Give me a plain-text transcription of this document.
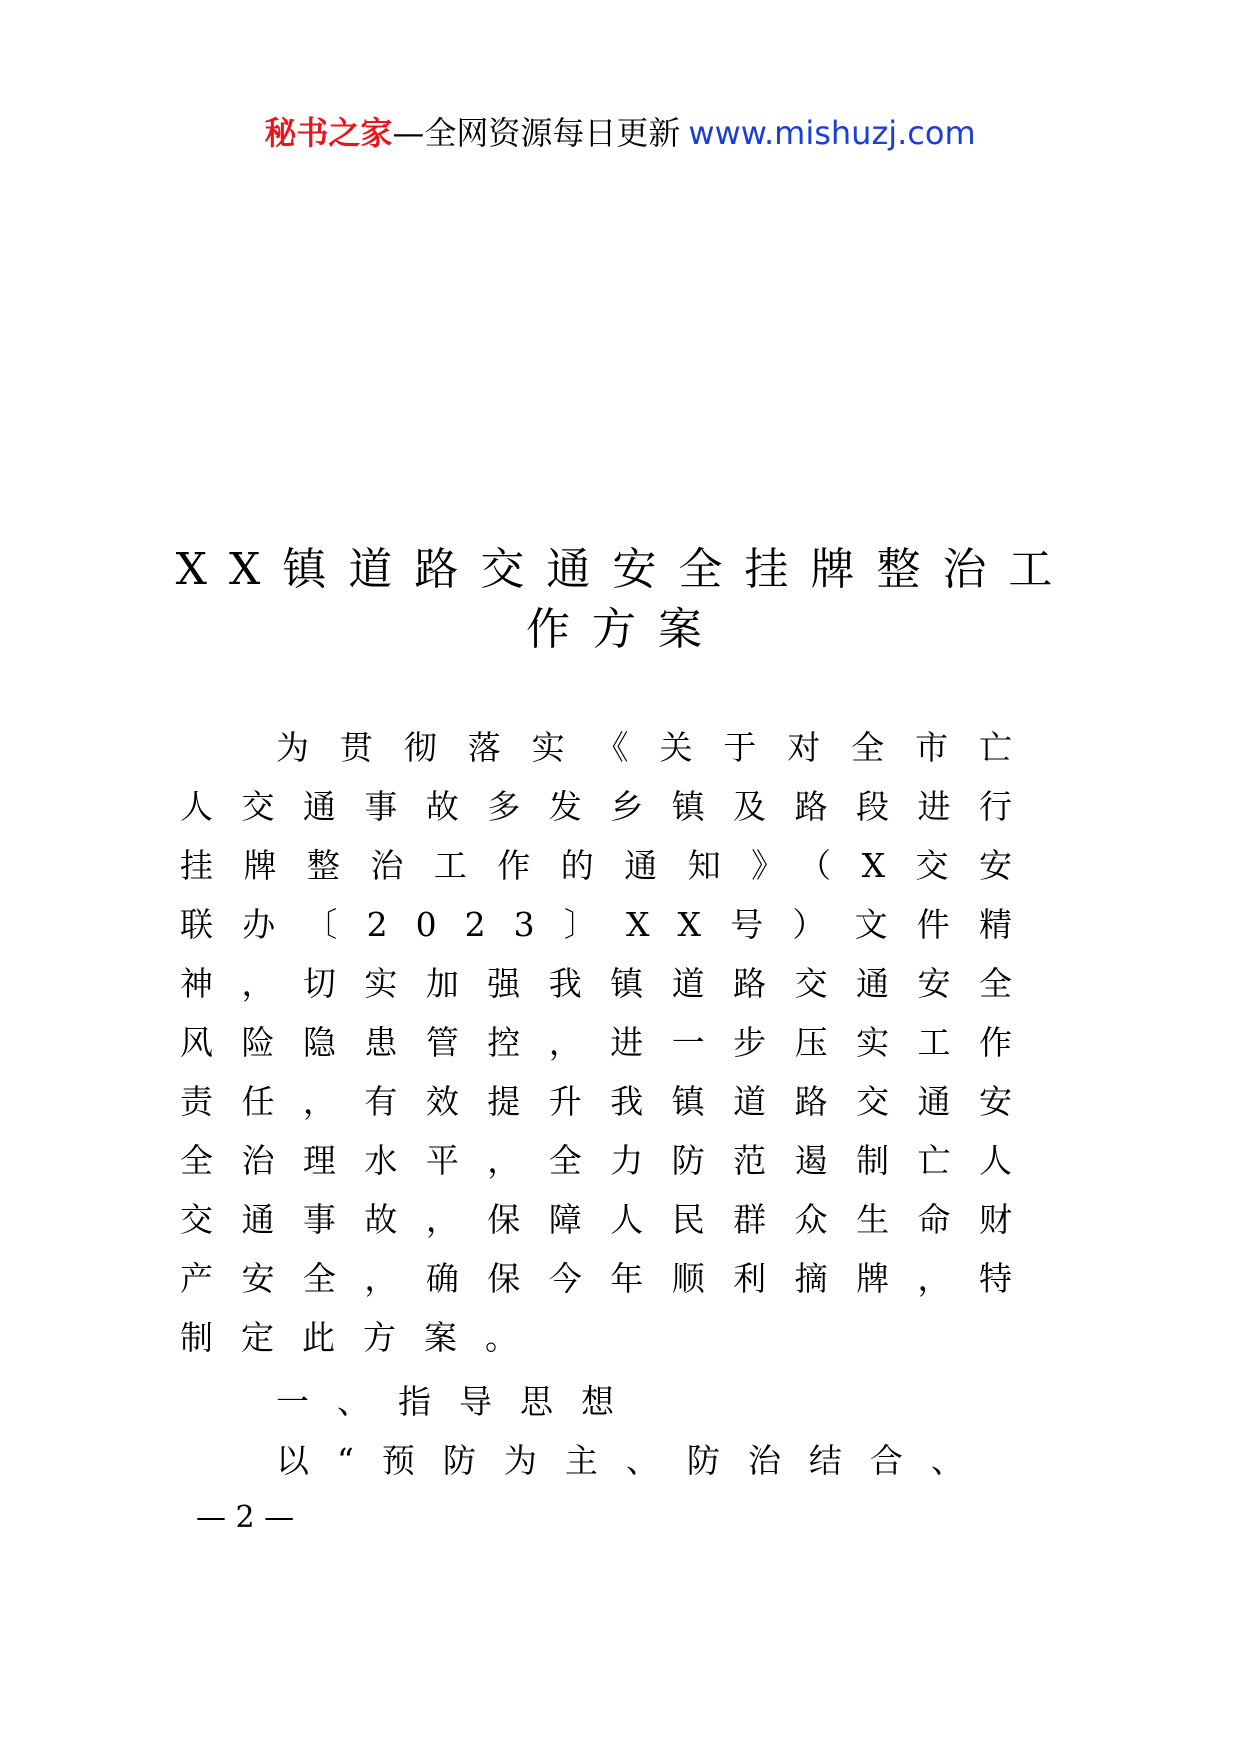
秘书之家—全网资源每日更新 www.mishuzj.com
XX镇道路交通安全挂牌整治工
作方案

为贯彻落实《关于对全市亡人交通事故多发乡镇及路段进行挂牌整治工作的通知》（X交安联办〔2023〕XX号）文件精神，切实加强我镇道路交通安全风险隐患管控，进一步压实工作责任，有效提升我镇道路交通安全治理水平，全力防范遏制亡人交通事故，保障人民群众生命财产安全，确保今年顺利摘牌，特制定此方案。

一、指导思想

以“预防为主、防治结合、

— 2 —
